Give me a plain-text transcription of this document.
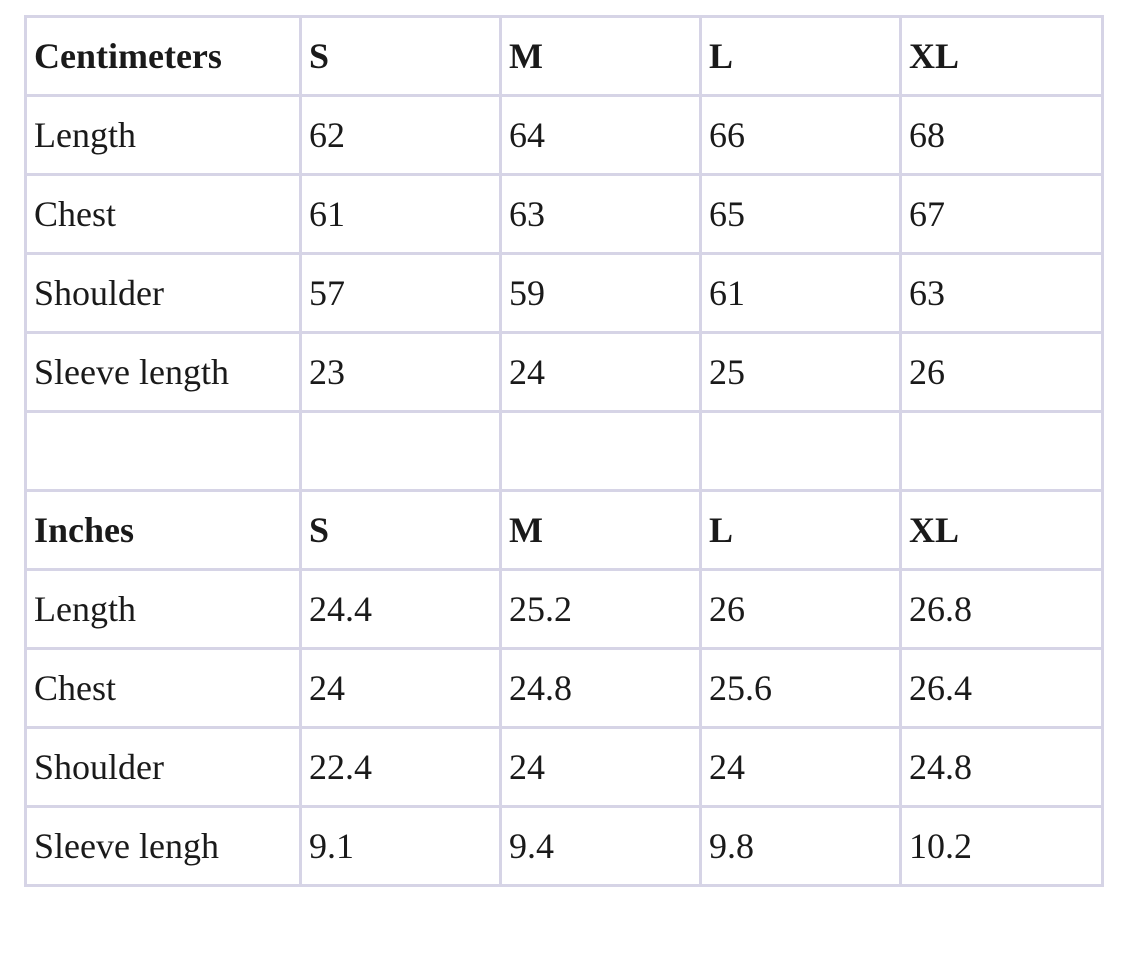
Centimeters	S	M	L	XL
Length	62	64	66	68
Chest	61	63	65	67
Shoulder	57	59	61	63
Sleeve length	23	24	25	26

Inches	S	M	L	XL
Length	24.4	25.2	26	26.8
Chest	24	24.8	25.6	26.4
Shoulder	22.4	24	24	24.8
Sleeve lengh	9.1	9.4	9.8	10.2
